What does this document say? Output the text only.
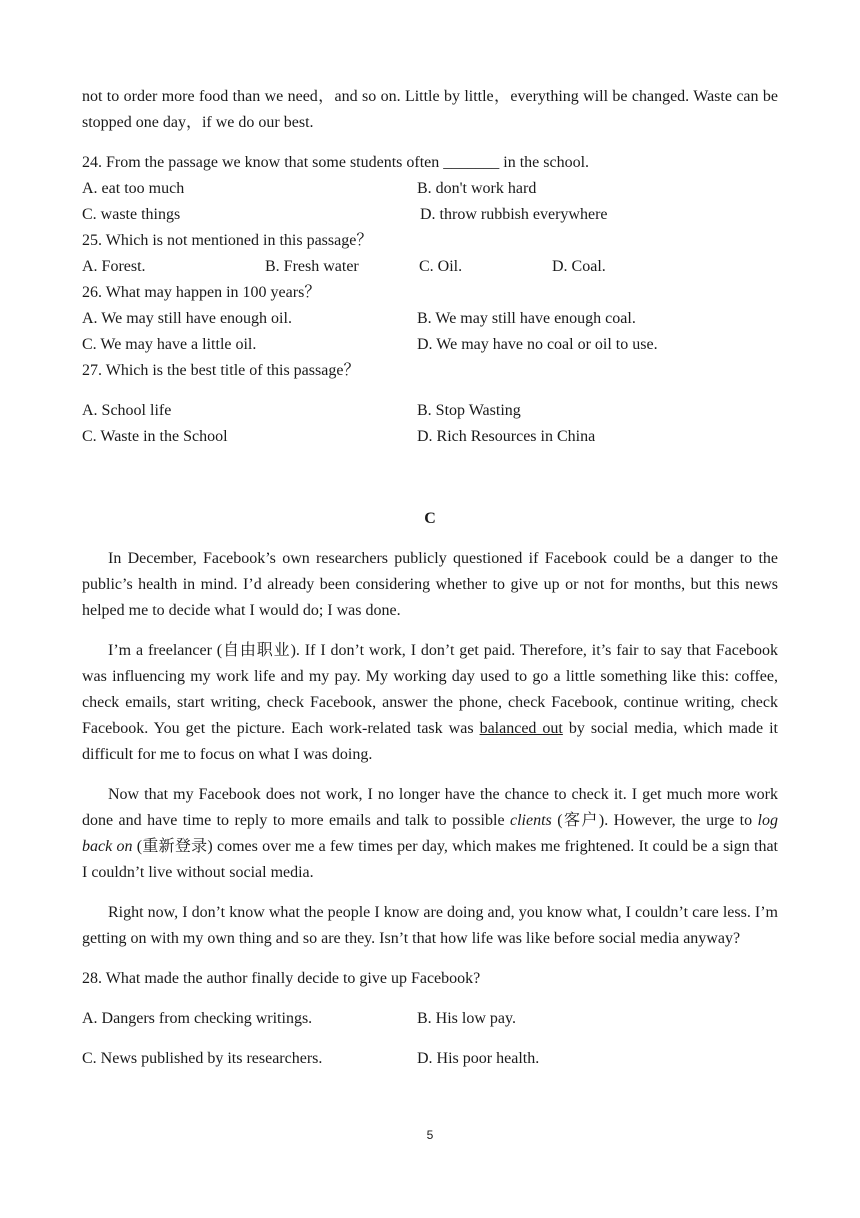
not to order more food than we need，and so on. Little by little，everything will be changed. Waste can be stopped one day，if we do our best.

24. From the passage we know that some students often _______ in the school.
A. eat too much	B. don't work hard
C. waste things	D. throw rubbish everywhere
25. Which is not mentioned in this passage？
A. Forest.	B. Fresh water	C. Oil.	D. Coal.
26. What may happen in 100 years？
A. We may still have enough oil.	B. We may still have enough coal.
C. We may have a little oil.	D. We may have no coal or oil to use.
27. Which is the best title of this passage？
A. School life	B. Stop Wasting
C. Waste in the School	D. Rich Resources in China

C

In December, Facebook’s own researchers publicly questioned if Facebook could be a danger to the public’s health in mind. I’d already been considering whether to give up or not for months, but this news helped me to decide what I would do; I was done.

I’m a freelancer (自由职业). If I don’t work, I don’t get paid. Therefore, it’s fair to say that Facebook was influencing my work life and my pay. My working day used to go a little something like this: coffee, check emails, start writing, check Facebook, answer the phone, check Facebook, continue writing, check Facebook. You get the picture. Each work-related task was balanced out by social media, which made it difficult for me to focus on what I was doing.

Now that my Facebook does not work, I no longer have the chance to check it. I get much more work done and have time to reply to more emails and talk to possible clients (客户). However, the urge to log back on (重新登录) comes over me a few times per day, which makes me frightened. It could be a sign that I couldn’t live without social media.

Right now, I don’t know what the people I know are doing and, you know what, I couldn’t care less. I’m getting on with my own thing and so are they. Isn’t that how life was like before social media anyway?

28. What made the author finally decide to give up Facebook?
A. Dangers from checking writings.	B. His low pay.
C. News published by its researchers.	D. His poor health.
5
